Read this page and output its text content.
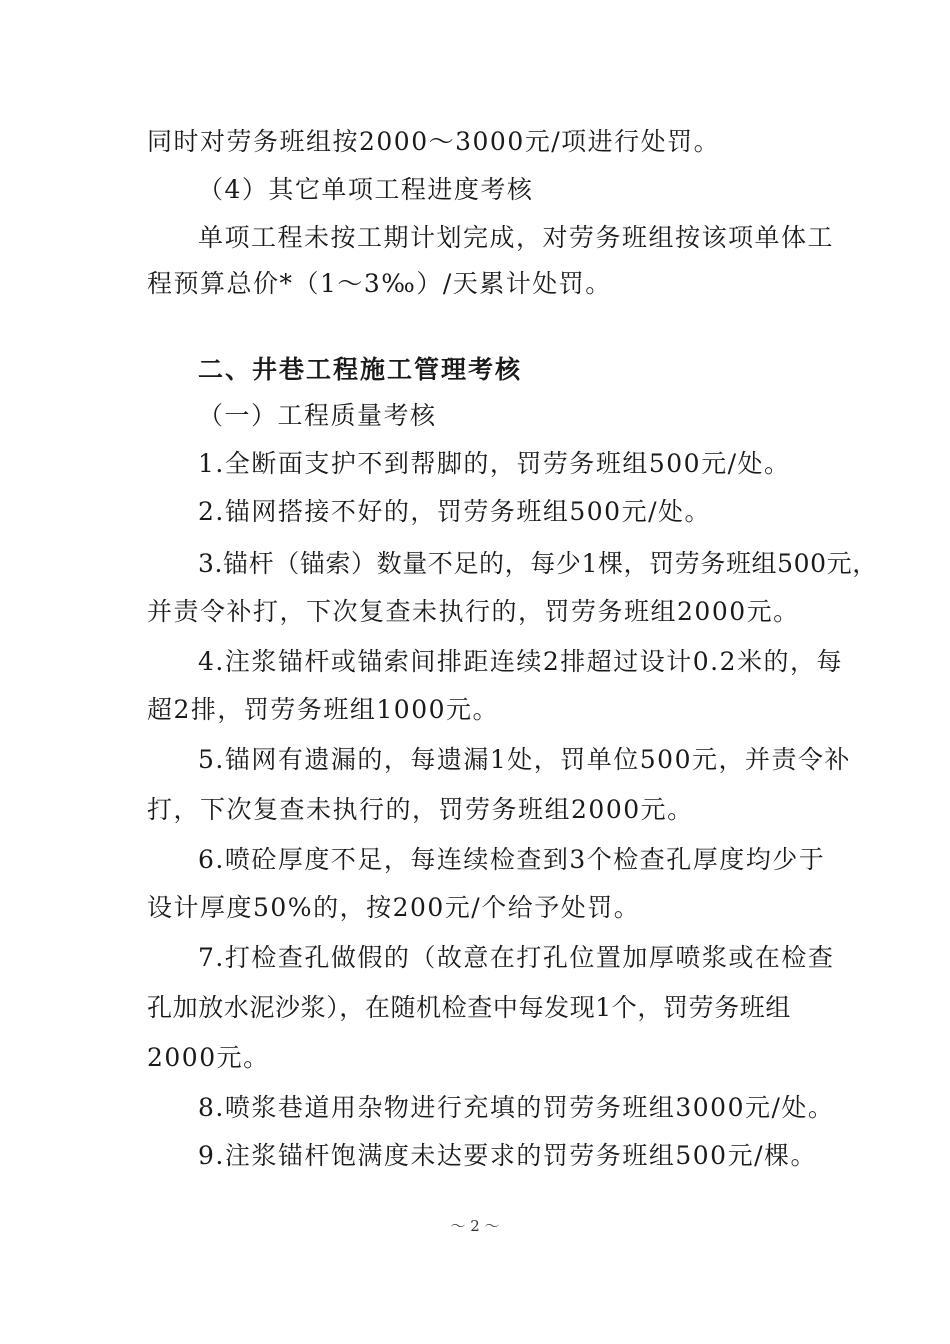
同时对劳务班组按2000～3000元/项进行处罚。
（4）其它单项工程进度考核
单项工程未按工期计划完成，对劳务班组按该项单体工
程预算总价*（1～3‰）/天累计处罚。
二、井巷工程施工管理考核
（一）工程质量考核
1.全断面支护不到帮脚的，罚劳务班组500元/处。
2.锚网搭接不好的，罚劳务班组500元/处。
3.锚杆（锚索）数量不足的，每少1棵，罚劳务班组500元，
并责令补打，下次复查未执行的，罚劳务班组2000元。
4.注浆锚杆或锚索间排距连续2排超过设计0.2米的，每
超2排，罚劳务班组1000元。
5.锚网有遗漏的，每遗漏1处，罚单位500元，并责令补
打，下次复查未执行的，罚劳务班组2000元。
6.喷砼厚度不足，每连续检查到3个检查孔厚度均少于
设计厚度50%的，按200元/个给予处罚。
7.打检查孔做假的（故意在打孔位置加厚喷浆或在检查
孔加放水泥沙浆），在随机检查中每发现1个，罚劳务班组
2000元。
8.喷浆巷道用杂物进行充填的罚劳务班组3000元/处。
9.注浆锚杆饱满度未达要求的罚劳务班组500元/棵。
～ 2 ～
